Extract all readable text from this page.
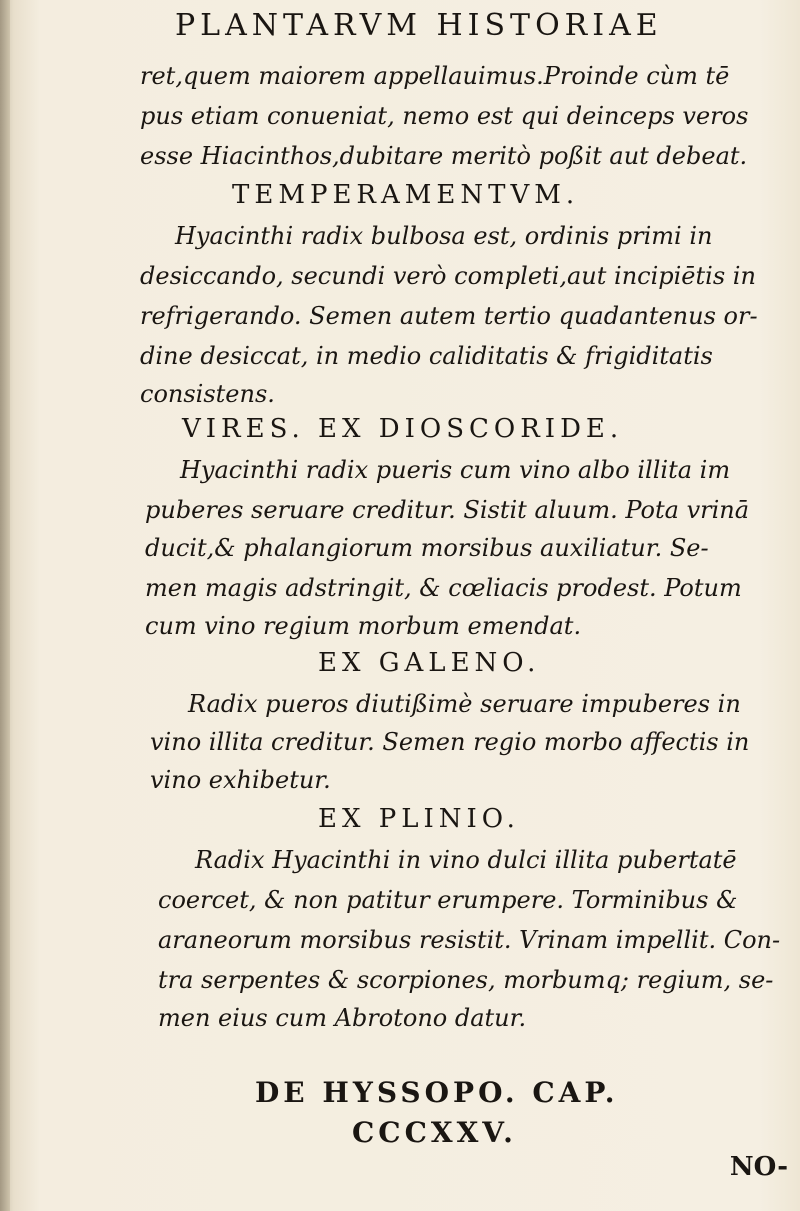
PLANTARVM HISTORIAE
ret,quem maiorem appellauimus.Proinde cùm tē
pus etiam conueniat, nemo est qui deinceps veros
esse Hiacinthos,dubitare meritò poßit aut debeat.
TEMPERAMENTVM.
Hyacinthi radix bulbosa est, ordinis primi in
desiccando, secundi verò completi,aut incipiētis in
refrigerando. Semen autem tertio quadantenus or-
dine desiccat, in medio caliditatis & frigiditatis
consistens.
VIRES. EX DIOSCORIDE.
Hyacinthi radix pueris cum vino albo illita im
puberes seruare creditur. Sistit aluum. Pota vrinā
ducit,& phalangiorum morsibus auxiliatur. Se-
men magis adstringit, & cœliacis prodest. Potum
cum vino regium morbum emendat.
EX GALENO.
Radix pueros diutißimè seruare impuberes in
vino illita creditur. Semen regio morbo affectis in
vino exhibetur.
EX PLINIO.
Radix Hyacinthi in vino dulci illita pubertatē
coercet, & non patitur erumpere. Torminibus &
araneorum morsibus resistit. Vrinam impellit. Con-
tra serpentes & scorpiones, morbumq; regium, se-
men eius cum Abrotono datur.
DE HYSSOPO. CAP.
CCCXXV.
NO-
